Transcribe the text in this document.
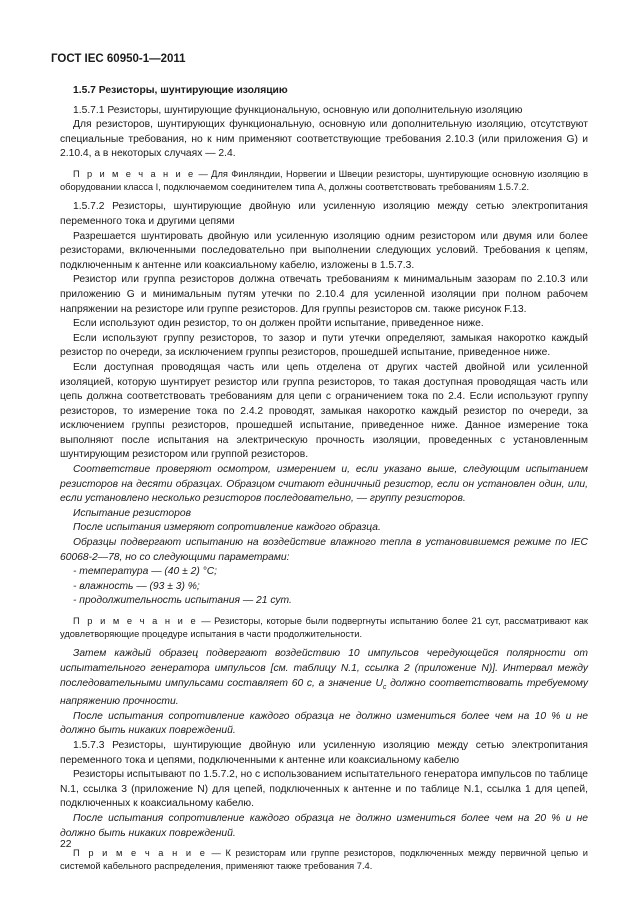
ГОСТ IEC 60950-1—2011
1.5.7 Резисторы, шунтирующие изоляцию

1.5.7.1 Резисторы, шунтирующие функциональную, основную или дополнительную изоляцию

Для резисторов, шунтирующих функциональную, основную или дополнительную изоляцию, отсутствуют специальные требования, но к ним применяют соответствующие требования 2.10.3 (или приложения G) и 2.10.4, а в некоторых случаях — 2.4.

П р и м е ч а н и е — Для Финляндии, Норвегии и Швеции резисторы, шунтирующие основную изоляцию в оборудовании класса I, подключаемом соединителем типа А, должны соответствовать требованиям 1.5.7.2.

1.5.7.2 Резисторы, шунтирующие двойную или усиленную изоляцию между сетью электропитания переменного тока и другими цепями

Разрешается шунтировать двойную или усиленную изоляцию одним резистором или двумя или более резисторами, включенными последовательно при выполнении следующих условий. Требования к цепям, подключенным к антенне или коаксиальному кабелю, изложены в 1.5.7.3.

Резистор или группа резисторов должна отвечать требованиям к минимальным зазорам по 2.10.3 или приложению G и минимальным путям утечки по 2.10.4 для усиленной изоляции при полном рабочем напряжении на резисторе или группе резисторов. Для группы резисторов см. также рисунок F.13.

Если используют один резистор, то он должен пройти испытание, приведенное ниже.

Если используют группу резисторов, то зазор и пути утечки определяют, замыкая накоротко каждый резистор по очереди, за исключением группы резисторов, прошедшей испытание, приведенное ниже.

Если доступная проводящая часть или цепь отделена от других частей двойной или усиленной изоляцией, которую шунтирует резистор или группа резисторов, то такая доступная проводящая часть или цепь должна соответствовать требованиям для цепи с ограничением тока по 2.4. Если используют группу резисторов, то измерение тока по 2.4.2 проводят, замыкая накоротко каждый резистор по очереди, за исключением группы резисторов, прошедшей испытание, приведенное ниже. Данное измерение тока выполняют после испытания на электрическую прочность изоляции, проведенных с установленным шунтирующим резистором или группой резисторов.

Соответствие проверяют осмотром, измерением и, если указано выше, следующим испытанием резисторов на десяти образцах. Образцом считают единичный резистор, если он установлен один, или, если установлено несколько резисторов последовательно, — группу резисторов.

Испытание резисторов

После испытания измеряют сопротивление каждого образца.

Образцы подвергают испытанию на воздействие влажного тепла в установившемся режиме по IEC 60068-2—78, но со следующими параметрами:

- температура — (40 ± 2) °С;

- влажность — (93 ± 3) %;

- продолжительность испытания — 21 сут.

П р и м е ч а н и е — Резисторы, которые были подвергнуты испытанию более 21 сут, рассматривают как удовлетворяющие процедуре испытания в части продолжительности.

Затем каждый образец подвергают воздействию 10 импульсов чередующейся полярности от испытательного генератора импульсов [см. таблицу N.1, ссылка 2 (приложение N)]. Интервал между последовательными импульсами составляет 60 с, а значение $U_c$ должно соответствовать требуемому напряжению прочности.

После испытания сопротивление каждого образца не должно измениться более чем на 10 % и не должно быть никаких повреждений.

1.5.7.3 Резисторы, шунтирующие двойную или усиленную изоляцию между сетью электропитания переменного тока и цепями, подключенными к антенне или коаксиальному кабелю

Резисторы испытывают по 1.5.7.2, но с использованием испытательного генератора импульсов по таблице N.1, ссылка 3 (приложение N) для цепей, подключенных к антенне и по таблице N.1, ссылка 1 для цепей, подключенных к коаксиальному кабелю.

После испытания сопротивление каждого образца не должно измениться более чем на 20 % и не должно быть никаких повреждений.

П р и м е ч а н и е — К резисторам или группе резисторов, подключенных между первичной цепью и системой кабельного распределения, применяют также требования 7.4.

22
